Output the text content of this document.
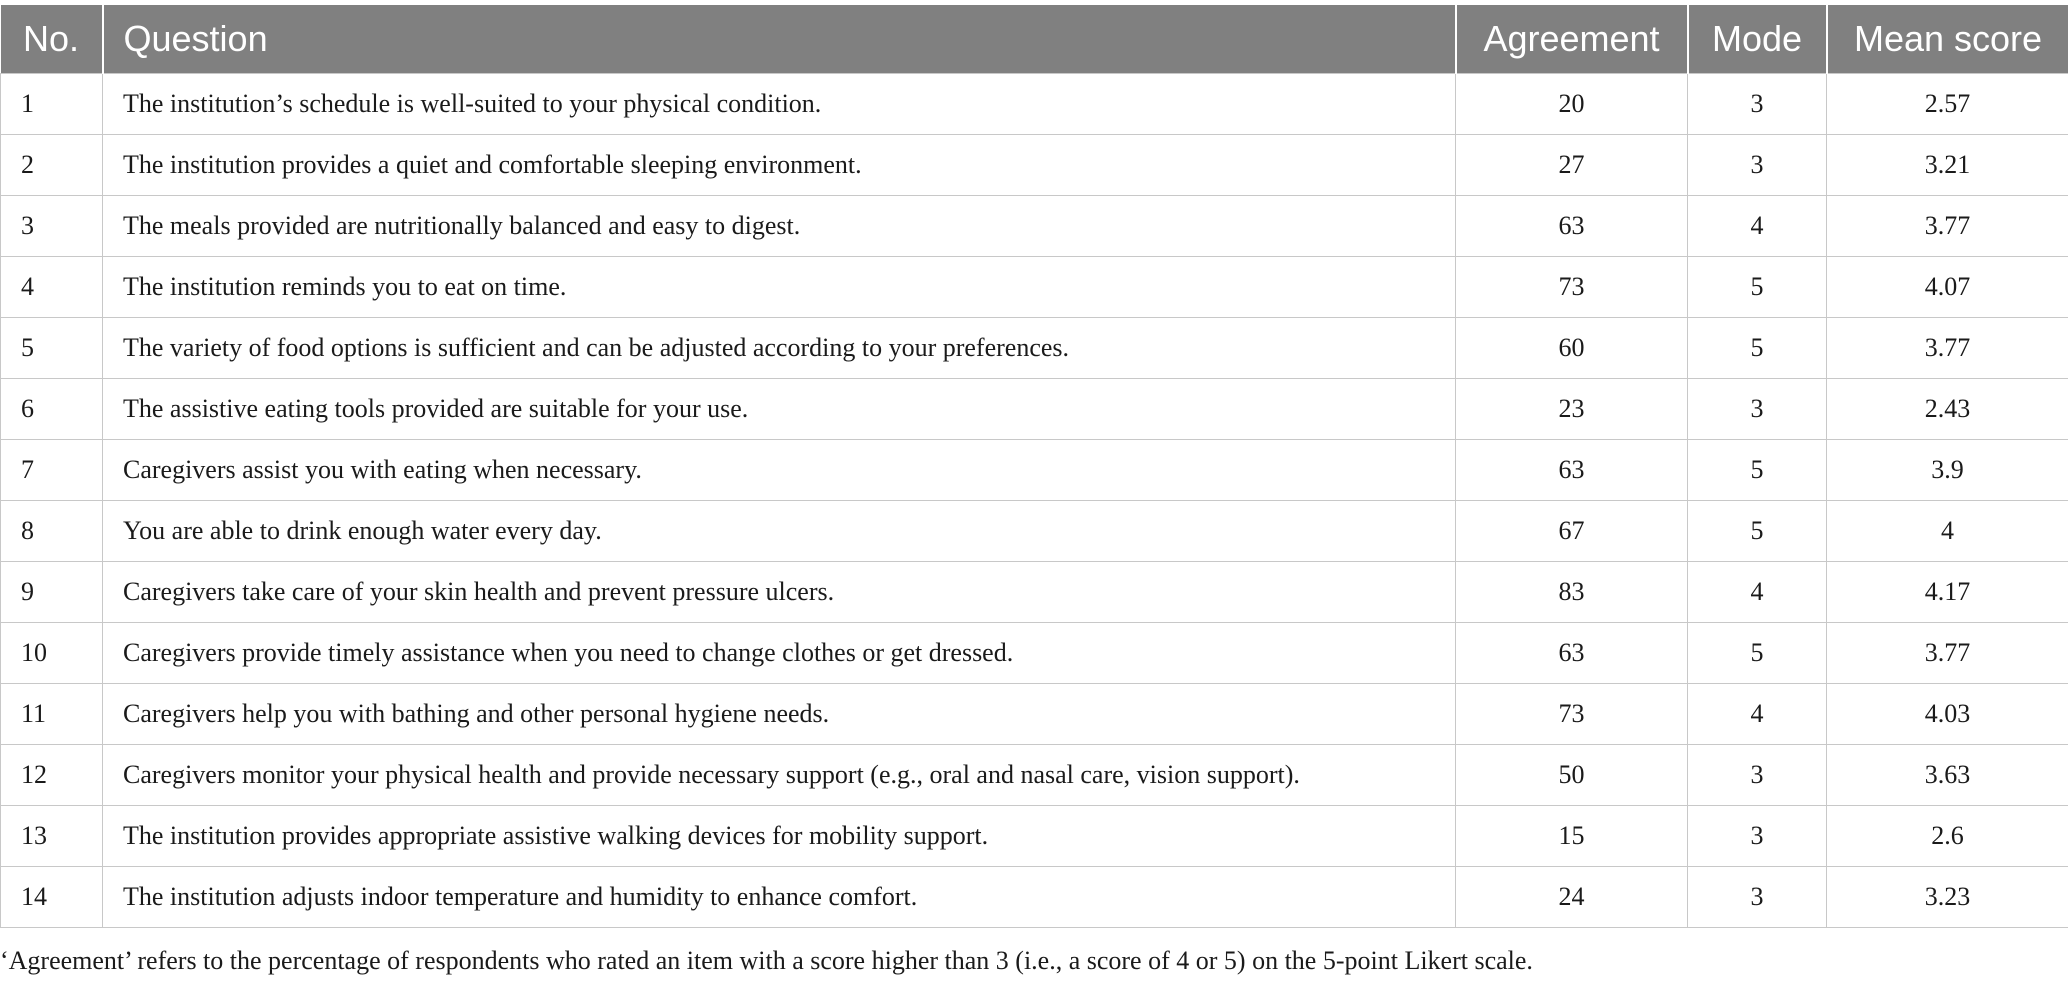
No.	Question	Agreement	Mode	Mean score
1	The institution’s schedule is well-suited to your physical condition.	20	3	2.57
2	The institution provides a quiet and comfortable sleeping environment.	27	3	3.21
3	The meals provided are nutritionally balanced and easy to digest.	63	4	3.77
4	The institution reminds you to eat on time.	73	5	4.07
5	The variety of food options is sufficient and can be adjusted according to your preferences.	60	5	3.77
6	The assistive eating tools provided are suitable for your use.	23	3	2.43
7	Caregivers assist you with eating when necessary.	63	5	3.9
8	You are able to drink enough water every day.	67	5	4
9	Caregivers take care of your skin health and prevent pressure ulcers.	83	4	4.17
10	Caregivers provide timely assistance when you need to change clothes or get dressed.	63	5	3.77
11	Caregivers help you with bathing and other personal hygiene needs.	73	4	4.03
12	Caregivers monitor your physical health and provide necessary support (e.g., oral and nasal care, vision support).	50	3	3.63
13	The institution provides appropriate assistive walking devices for mobility support.	15	3	2.6
14	The institution adjusts indoor temperature and humidity to enhance comfort.	24	3	3.23
‘Agreement’ refers to the percentage of respondents who rated an item with a score higher than 3 (i.e., a score of 4 or 5) on the 5-point Likert scale.
